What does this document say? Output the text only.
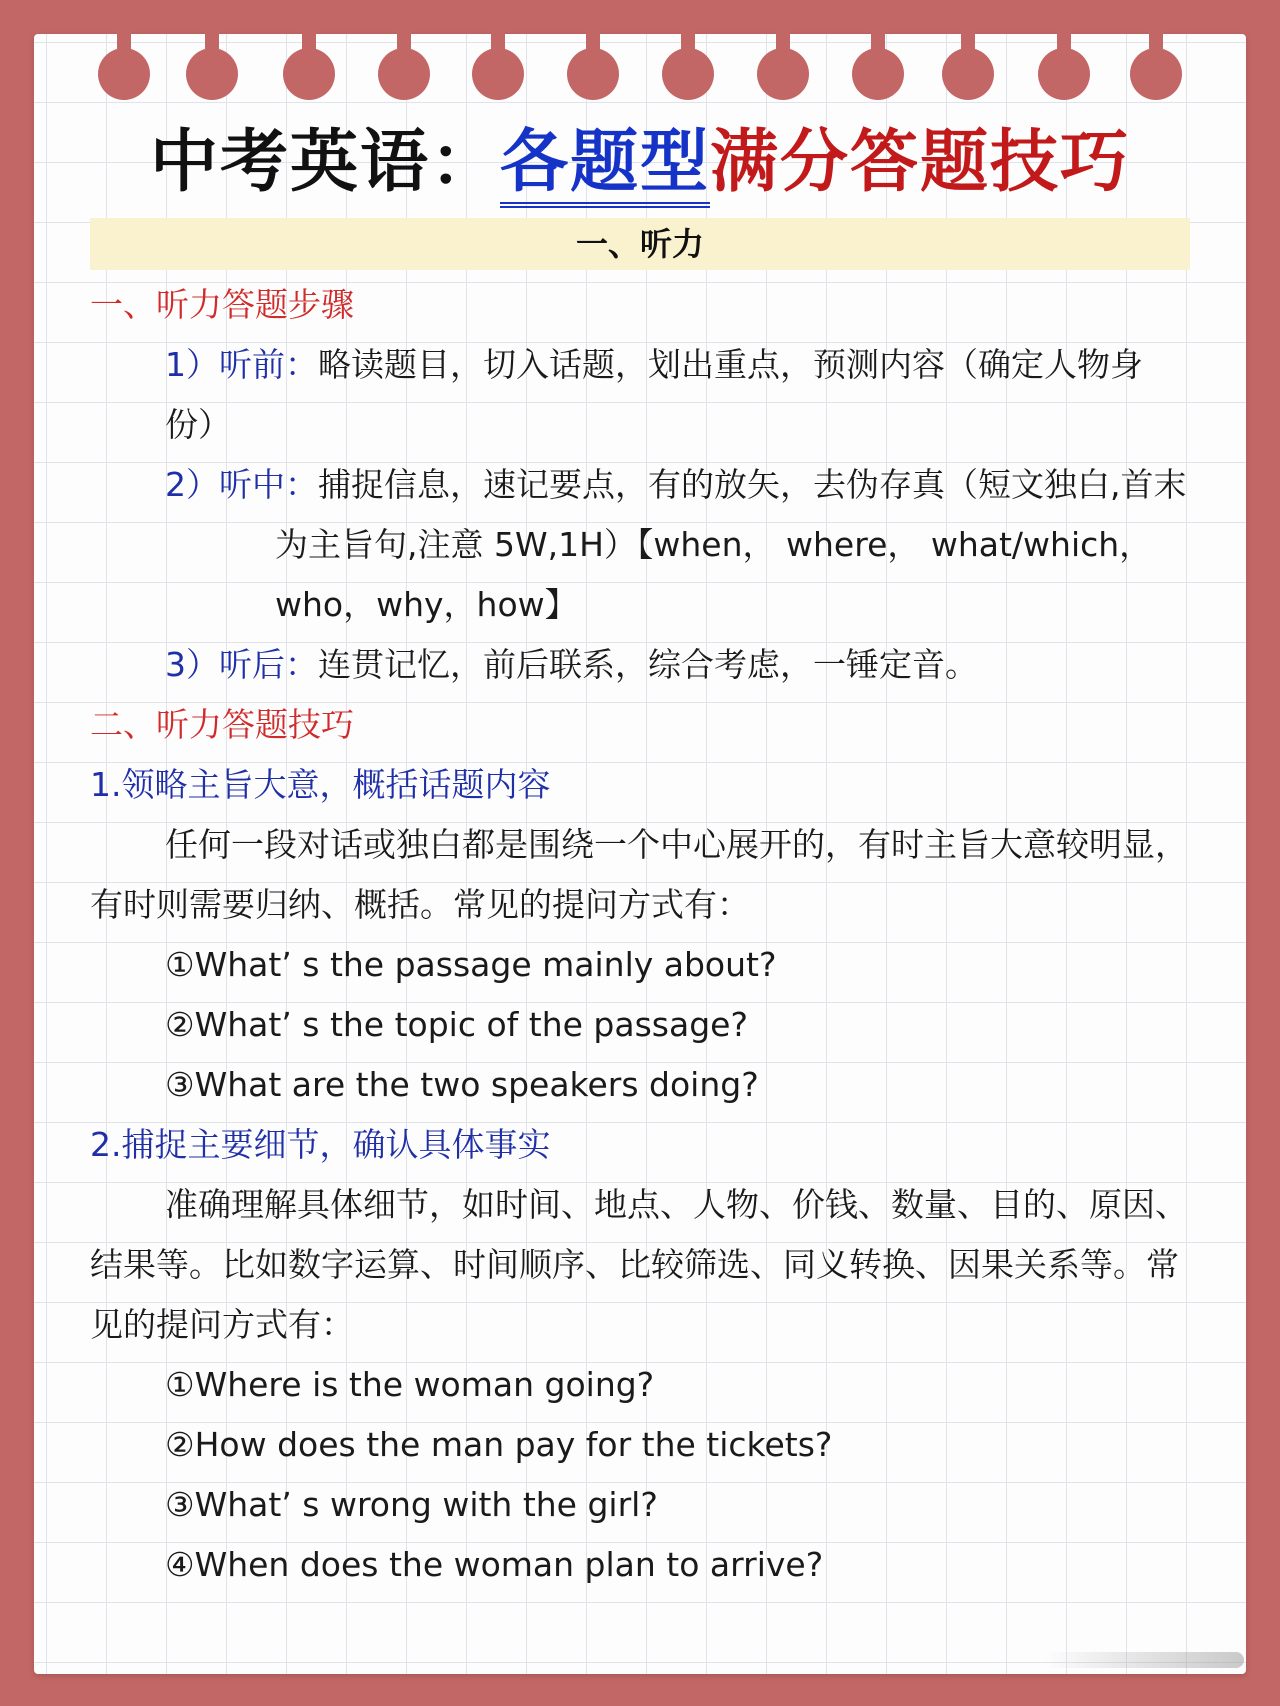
中考英语：各题型满分答题技巧
一、听力

一、听力答题步骤

1）听前：略读题目，切入话题，划出重点，预测内容（确定人物身份）

2）听中：捕捉信息，速记要点，有的放矢，去伪存真（短文独白,首末为主旨句,注意 5W,1H）【when， where， what/which，who，why，how】

3）听后：连贯记忆，前后联系，综合考虑，一锤定音。

二、听力答题技巧

1.领略主旨大意，概括话题内容

任何一段对话或独白都是围绕一个中心展开的，有时主旨大意较明显，有时则需要归纳、概括。常见的提问方式有：

①What’ s the passage mainly about?

②What’ s the topic of the passage?

③What are the two speakers doing?

2.捕捉主要细节，确认具体事实

准确理解具体细节，如时间、地点、人物、价钱、数量、目的、原因、结果等。比如数字运算、时间顺序、比较筛选、同义转换、因果关系等。常见的提问方式有：

①Where is the woman going?

②How does the man pay for the tickets?

③What’ s wrong with the girl?

④When does the woman plan to arrive?
